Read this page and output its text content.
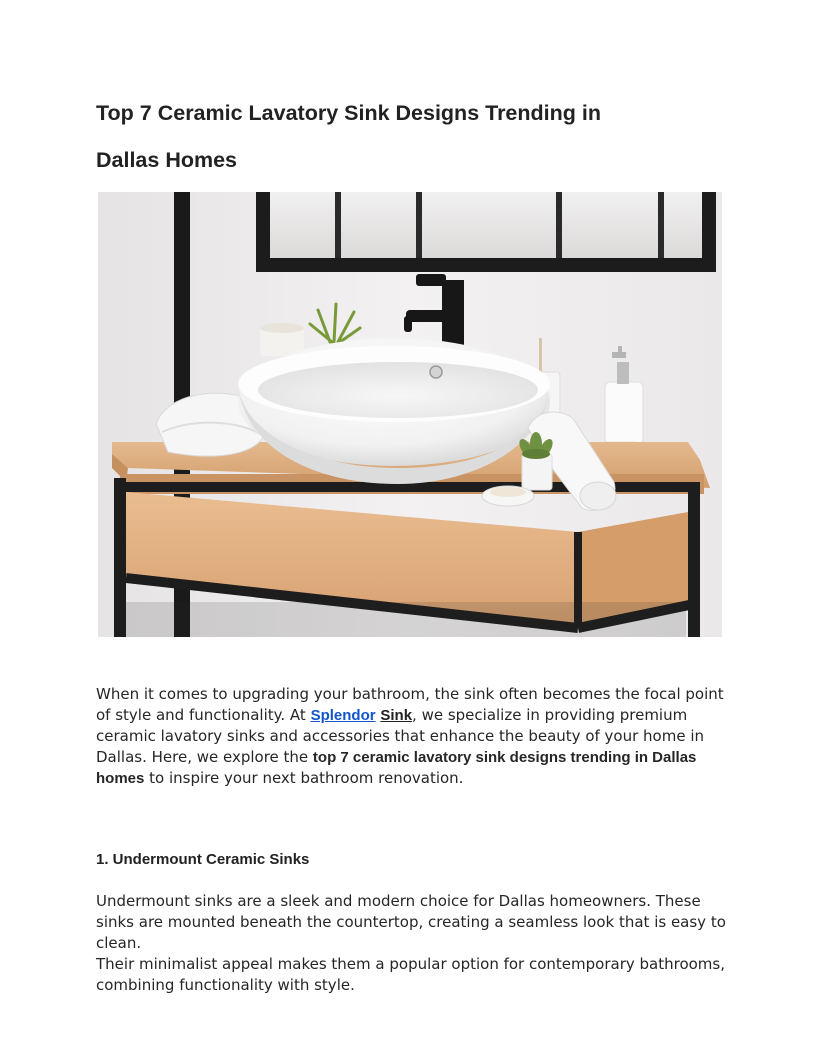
Top 7 Ceramic Lavatory Sink Designs Trending in
Dallas Homes

When it comes to upgrading your bathroom, the sink often becomes the focal point of style and functionality. At Splendor Sink, we specialize in providing premium ceramic lavatory sinks and accessories that enhance the beauty of your home in Dallas. Here, we explore the top 7 ceramic lavatory sink designs trending in Dallas homes to inspire your next bathroom renovation.

1. Undermount Ceramic Sinks
Undermount sinks are a sleek and modern choice for Dallas homeowners. These sinks are mounted beneath the countertop, creating a seamless look that is easy to clean.
Their minimalist appeal makes them a popular option for contemporary bathrooms, combining functionality with style.
